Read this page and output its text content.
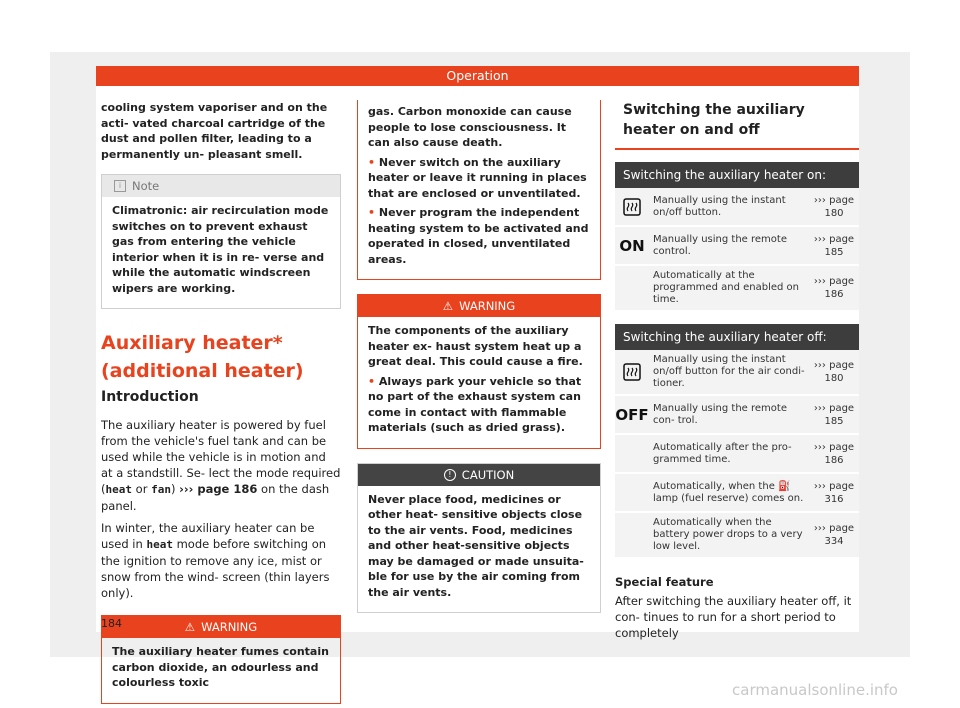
Operation

cooling system vaporiser and on the acti- vated charcoal cartridge of the dust and pollen filter, leading to a permanently un- pleasant smell.

i Note

Climatronic: air recirculation mode switches on to prevent exhaust gas from entering the vehicle interior when it is in re- verse and while the automatic windscreen wipers are working.

Auxiliary heater* (additional heater)
Introduction

The auxiliary heater is powered by fuel from the vehicle's fuel tank and can be used while the vehicle is in motion and at a standstill. Se- lect the mode required (heat or fan) ››› page 186 on the dash panel.

In winter, the auxiliary heater can be used in heat mode before switching on the ignition to remove any ice, mist or snow from the wind- screen (thin layers only).

⚠ WARNING

The auxiliary heater fumes contain carbon dioxide, an odourless and colourless toxic

gas. Carbon monoxide can cause people to lose consciousness. It can also cause death.

• Never switch on the auxiliary heater or leave it running in places that are enclosed or unventilated.

• Never program the independent heating system to be activated and operated in closed, unventilated areas.

⚠ WARNING

The components of the auxiliary heater ex- haust system heat up a great deal. This could cause a fire.

• Always park your vehicle so that no part of the exhaust system can come in contact with flammable materials (such as dried grass).

! CAUTION

Never place food, medicines or other heat- sensitive objects close to the air vents. Food, medicines and other heat-sensitive objects may be damaged or made unsuita- ble for use by the air coming from the air vents.

Switching the auxiliary heater on and off
Switching the auxiliary heater on:
Manually using the instant on/off button.
››› page 180
ON Manually using the remote control.
››› page 185
Automatically at the programmed and enabled on time.
››› page 186
Switching the auxiliary heater off:
Manually using the instant on/off button for the air condi- tioner.
››› page 180
OFF Manually using the remote con- trol.
››› page 185
Automatically after the pro- grammed time.
››› page 186
Automatically, when the ⛽ lamp (fuel reserve) comes on.
››› page 316
Automatically when the battery power drops to a very low level.
››› page 334
Special feature

After switching the auxiliary heater off, it con- tinues to run for a short period to completely

184
carmanualsonline.info
